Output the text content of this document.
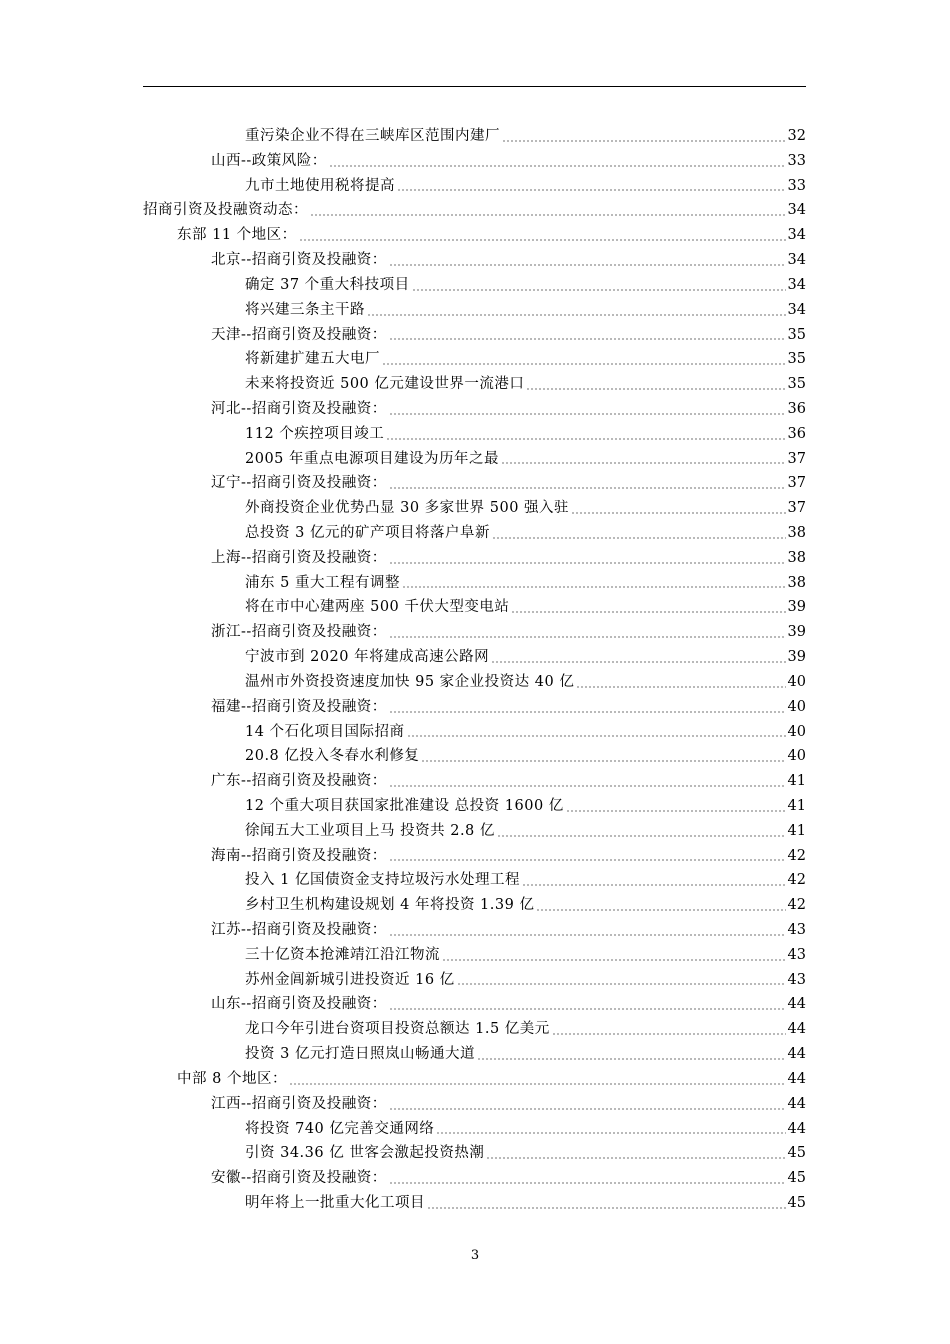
重污染企业不得在三峡库区范围内建厂	32
山西--政策风险：	33
九市土地使用税将提高	33
招商引资及投融资动态：	34
东部 11 个地区：	34
北京--招商引资及投融资：	34
确定 37 个重大科技项目	34
将兴建三条主干路	34
天津--招商引资及投融资：	35
将新建扩建五大电厂	35
未来将投资近 500 亿元建设世界一流港口	35
河北--招商引资及投融资：	36
112 个疾控项目竣工	36
2005 年重点电源项目建设为历年之最	37
辽宁--招商引资及投融资：	37
外商投资企业优势凸显 30 多家世界 500 强入驻	37
总投资 3 亿元的矿产项目将落户阜新	38
上海--招商引资及投融资：	38
浦东 5 重大工程有调整	38
将在市中心建两座 500 千伏大型变电站	39
浙江--招商引资及投融资：	39
宁波市到 2020 年将建成高速公路网	39
温州市外资投资速度加快 95 家企业投资达 40 亿	40
福建--招商引资及投融资：	40
14 个石化项目国际招商	40
20.8 亿投入冬春水利修复	40
广东--招商引资及投融资：	41
12 个重大项目获国家批准建设 总投资 1600 亿	41
徐闻五大工业项目上马 投资共 2.8 亿	41
海南--招商引资及投融资：	42
投入 1 亿国债资金支持垃圾污水处理工程	42
乡村卫生机构建设规划 4 年将投资 1.39 亿	42
江苏--招商引资及投融资：	43
三十亿资本抢滩靖江沿江物流	43
苏州金阊新城引进投资近 16 亿	43
山东--招商引资及投融资：	44
龙口今年引进台资项目投资总额达 1.5 亿美元	44
投资 3 亿元打造日照岚山畅通大道	44
中部 8 个地区：	44
江西--招商引资及投融资：	44
将投资 740 亿完善交通网络	44
引资 34.36 亿 世客会激起投资热潮	45
安徽--招商引资及投融资：	45
明年将上一批重大化工项目	45
3
